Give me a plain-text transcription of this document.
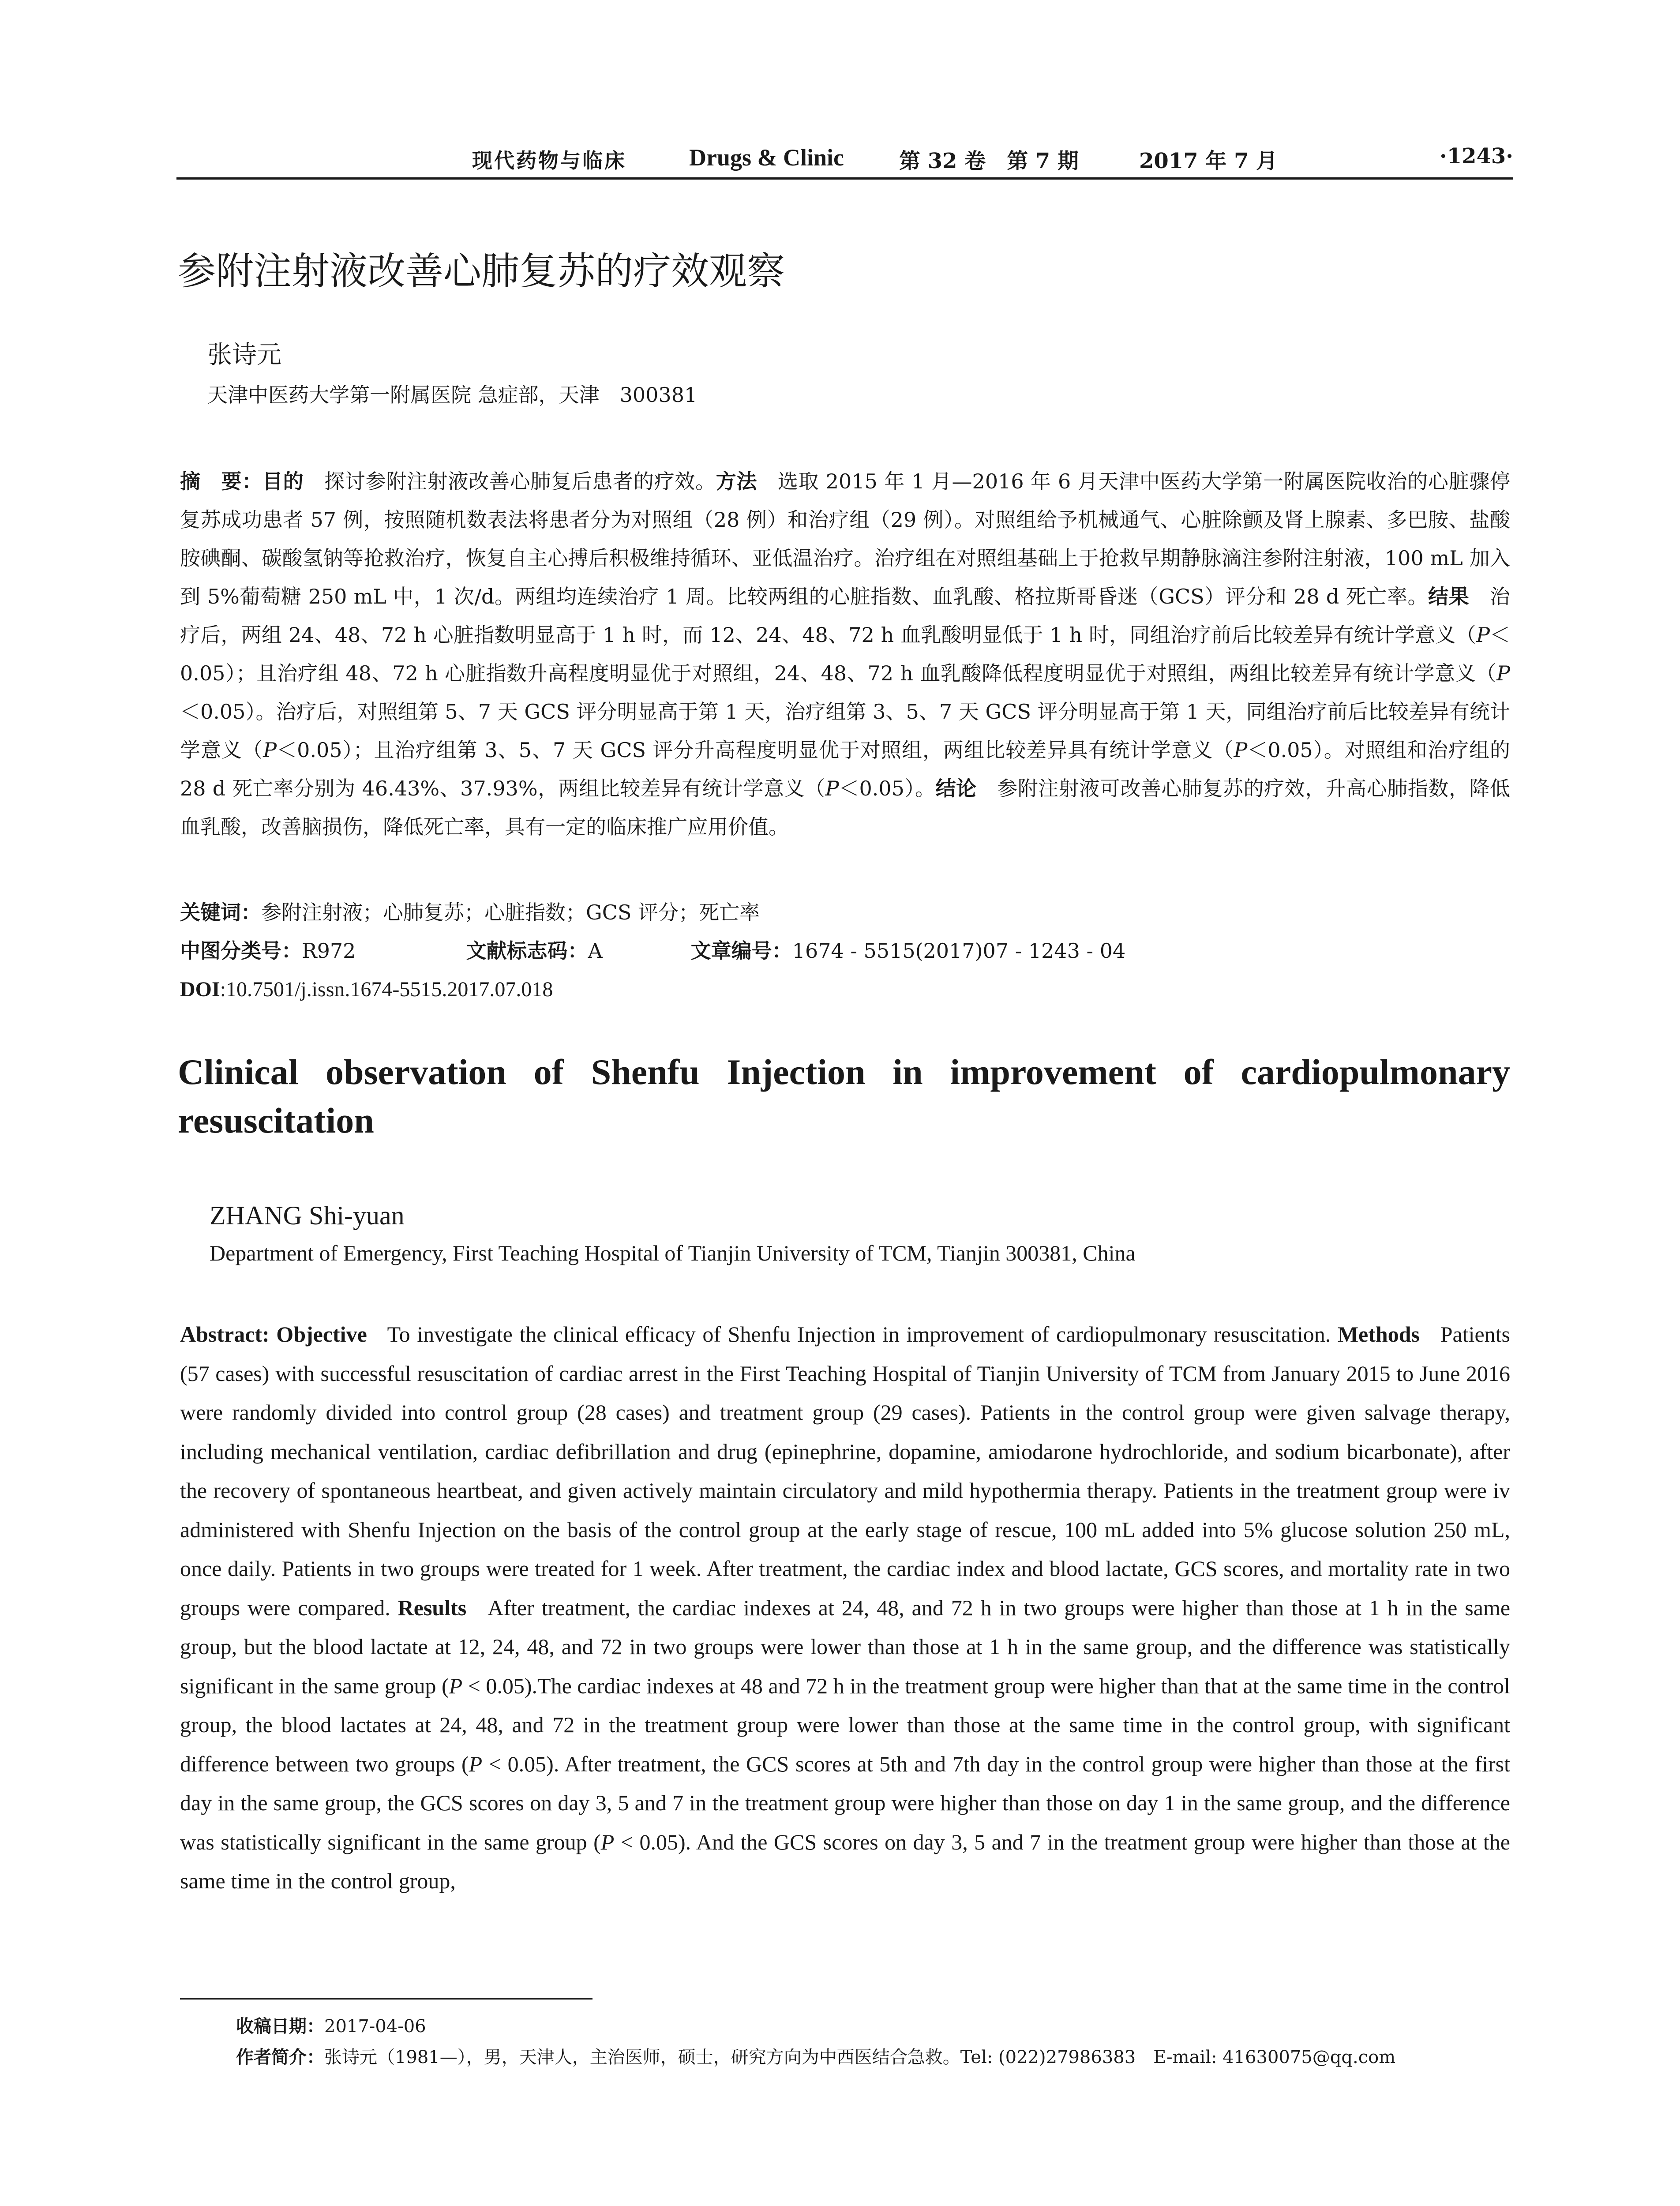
现代药物与临床	Drugs & Clinic	第 32 卷　第 7 期	2017 年 7 月	·1243·
参附注射液改善心肺复苏的疗效观察
张诗元
天津中医药大学第一附属医院 急症部，天津　300381
摘　要：目的　 探讨参附注射液改善心肺复后患者的疗效。方法　 选取 2015 年 1 月—2016 年 6 月天津中医药大学第一附属医院收治的心脏骤停复苏成功患者 57 例，按照随机数表法将患者分为对照组（28 例）和治疗组（29 例）。对照组给予机械通气、心脏除颤及肾上腺素、多巴胺、盐酸胺碘酮、碳酸氢钠等抢救治疗，恢复自主心搏后积极维持循环、亚低温治疗。治疗组在对照组基础上于抢救早期静脉滴注参附注射液，100 mL 加入到 5%葡萄糖 250 mL 中，1 次/d。两组均连续治疗 1 周。比较两组的心脏指数、血乳酸、格拉斯哥昏迷（GCS）评分和 28 d 死亡率。结果　 治疗后，两组 24、48、72 h 心脏指数明显高于 1 h 时，而 12、24、48、72 h 血乳酸明显低于 1 h 时，同组治疗前后比较差异有统计学意义（P＜0.05）；且治疗组 48、72 h 心脏指数升高程度明显优于对照组，24、48、72 h 血乳酸降低程度明显优于对照组，两组比较差异有统计学意义（P＜0.05）。治疗后，对照组第 5、7 天 GCS 评分明显高于第 1 天，治疗组第 3、5、7 天 GCS 评分明显高于第 1 天，同组治疗前后比较差异有统计学意义（P＜0.05）；且治疗组第 3、5、7 天 GCS 评分升高程度明显优于对照组，两组比较差异具有统计学意义（P＜0.05）。对照组和治疗组的 28 d 死亡率分别为 46.43%、37.93%，两组比较差异有统计学意义（P＜0.05）。结论　 参附注射液可改善心肺复苏的疗效，升高心肺指数，降低血乳酸，改善脑损伤，降低死亡率，具有一定的临床推广应用价值。
关键词：参附注射液；心肺复苏；心脏指数；GCS 评分；死亡率
中图分类号：R972	文献标志码：A	文章编号：1674 - 5515(2017)07 - 1243 - 04
DOI:10.7501/j.issn.1674-5515.2017.07.018
Clinical observation of Shenfu Injection in improvement of cardiopulmonary resuscitation
ZHANG Shi-yuan
Department of Emergency, First Teaching Hospital of Tianjin University of TCM, Tianjin 300381, China
Abstract: Objective To investigate the clinical efficacy of Shenfu Injection in improvement of cardiopulmonary resuscitation. Methods Patients (57 cases) with successful resuscitation of cardiac arrest in the First Teaching Hospital of Tianjin University of TCM from January 2015 to June 2016 were randomly divided into control group (28 cases) and treatment group (29 cases). Patients in the control group were given salvage therapy, including mechanical ventilation, cardiac defibrillation and drug (epinephrine, dopamine, amiodarone hydrochloride, and sodium bicarbonate), after the recovery of spontaneous heartbeat, and given actively maintain circulatory and mild hypothermia therapy. Patients in the treatment group were iv administered with Shenfu Injection on the basis of the control group at the early stage of rescue, 100 mL added into 5% glucose solution 250 mL, once daily. Patients in two groups were treated for 1 week. After treatment, the cardiac index and blood lactate, GCS scores, and mortality rate in two groups were compared. Results After treatment, the cardiac indexes at 24, 48, and 72 h in two groups were higher than those at 1 h in the same group, but the blood lactate at 12, 24, 48, and 72 in two groups were lower than those at 1 h in the same group, and the difference was statistically significant in the same group (P < 0.05).The cardiac indexes at 48 and 72 h in the treatment group were higher than that at the same time in the control group, the blood lactates at 24, 48, and 72 in the treatment group were lower than those at the same time in the control group, with significant difference between two groups (P < 0.05). After treatment, the GCS scores at 5th and 7th day in the control group were higher than those at the first day in the same group, the GCS scores on day 3, 5 and 7 in the treatment group were higher than those on day 1 in the same group, and the difference was statistically significant in the same group (P < 0.05). And the GCS scores on day 3, 5 and 7 in the treatment group were higher than those at the same time in the control group,
收稿日期：2017-04-06
作者简介：张诗元（1981—），男，天津人，主治医师，硕士，研究方向为中西医结合急救。Tel: (022)27986383　E-mail: 41630075@qq.com
